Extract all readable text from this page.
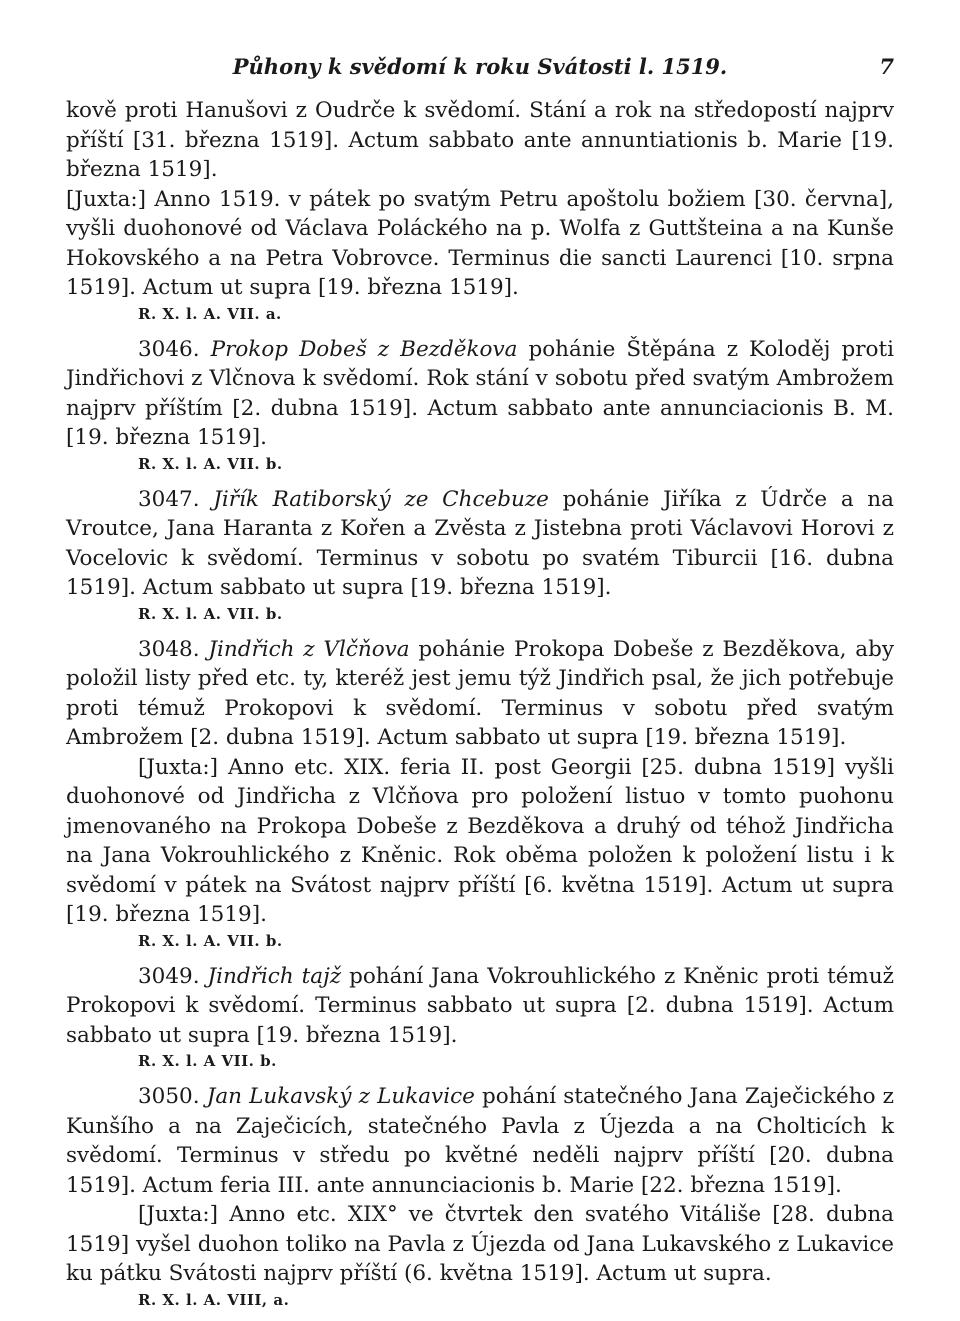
Půhony k svědomí k roku Svátosti l. 1519.	7

kově proti Hanušovi z Oudrče k svědomí. Stání a rok na středopostí najprv příští [31. března 1519]. Actum sabbato ante annuntiationis b. Marie [19. března 1519].

[Juxta:] Anno 1519. v pátek po svatým Petru apoštolu božiem [30. června], vyšli duohonové od Václava Poláckého na p. Wolfa z Guttšteina a na Kunše Hokovského a na Petra Vobrovce. Terminus die sancti Laurenci [10. srpna 1519]. Actum ut supra [19. března 1519].

R. X. l. A. VII. a.

3046. Prokop Dobeš z Bezděkova pohánie Štěpána z Koloděj proti Jindřichovi z Vlčnova k svědomí. Rok stání v sobotu před svatým Ambrožem najprv příštím [2. dubna 1519]. Actum sabbato ante annunciacionis B. M. [19. března 1519].

R. X. l. A. VII. b.

3047. Jiřík Ratiborský ze Chcebuze pohánie Jiříka z Údrče a na Vroutce, Jana Haranta z Kořen a Zvěsta z Jistebna proti Václavovi Horovi z Vocelovic k svědomí. Terminus v sobotu po svatém Tiburcii [16. dubna 1519]. Actum sabbato ut supra [19. března 1519].

R. X. l. A. VII. b.

3048. Jindřich z Vlčňova pohánie Prokopa Dobeše z Bezděkova, aby položil listy před etc. ty, kteréž jest jemu týž Jindřich psal, že jich potřebuje proti témuž Prokopovi k svědomí. Terminus v sobotu před svatým Ambrožem [2. dubna 1519]. Actum sabbato ut supra [19. března 1519].

[Juxta:] Anno etc. XIX. feria II. post Georgii [25. dubna 1519] vyšli duohonové od Jindřicha z Vlčňova pro položení listuo v tomto puohonu jmenovaného na Prokopa Dobeše z Bezděkova a druhý od téhož Jindřicha na Jana Vokrouhlického z Kněnic. Rok oběma položen k položení listu i k svědomí v pátek na Svátost najprv příští [6. května 1519]. Actum ut supra [19. března 1519].

R. X. l. A. VII. b.

3049. Jindřich tajž pohání Jana Vokrouhlického z Kněnic proti témuž Prokopovi k svědomí. Terminus sabbato ut supra [2. dubna 1519]. Actum sabbato ut supra [19. března 1519].

R. X. l. A VII. b.

3050. Jan Lukavský z Lukavice pohání statečného Jana Zaječického z Kunšího a na Zaječicích, statečného Pavla z Újezda a na Cholticích k svědomí. Terminus v středu po květné neděli najprv příští [20. dubna 1519]. Actum feria III. ante annunciacionis b. Marie [22. března 1519].

[Juxta:] Anno etc. XIX° ve čtvrtek den svatého Vitáliše [28. dubna 1519] vyšel duohon toliko na Pavla z Újezda od Jana Lukavského z Lukavice ku pátku Svátosti najprv příští (6. května 1519]. Actum ut supra.

R. X. l. A. VIII, a.
